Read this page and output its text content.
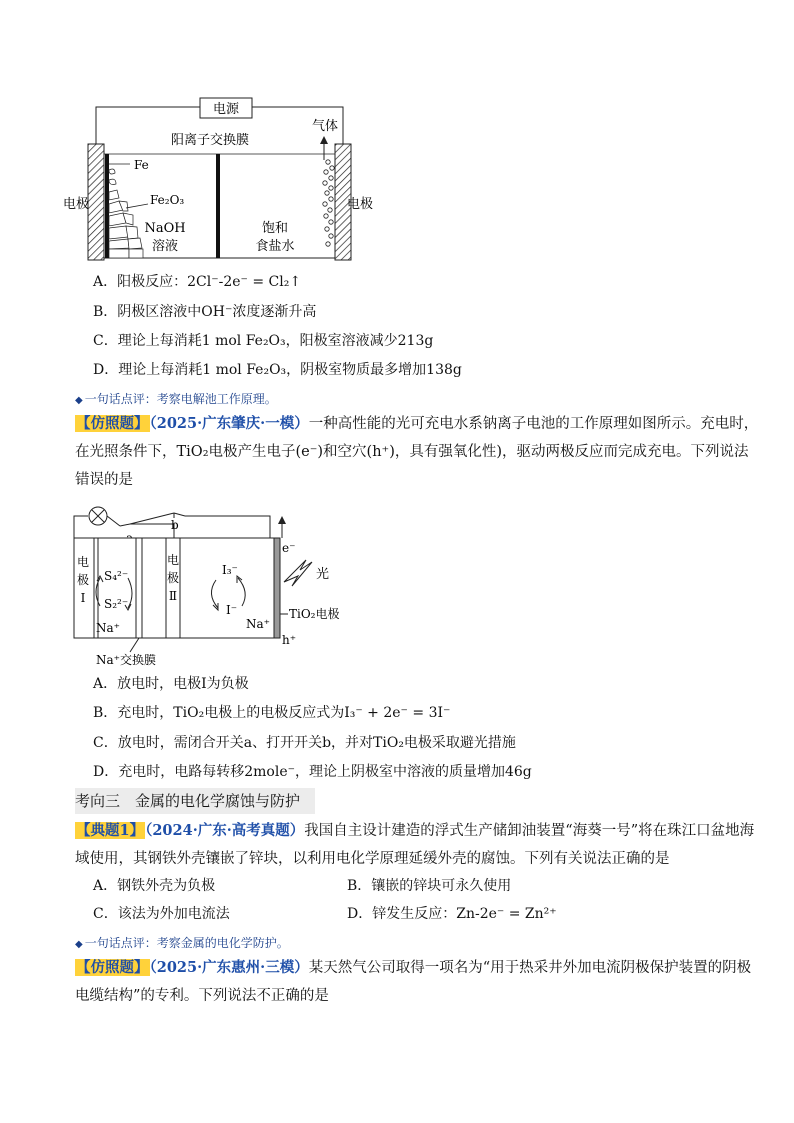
电源
阳离子交换膜
气体
Fe
Fe₂O₃
NaOH
溶液
饱和
食盐水
电极	电极
A．阳极反应：2Cl⁻-2e⁻ = Cl₂↑
B．阴极区溶液中OH⁻浓度逐渐升高
C．理论上每消耗1 mol Fe₂O₃，阳极室溶液减少213g
D．理论上每消耗1 mol Fe₂O₃，阴极室物质最多增加138g
◆ 一句话点评：考察电解池工作原理。
【仿照题】（2025·广东肇庆·一模）一种高性能的光可充电水系钠离子电池的工作原理如图所示。充电时，
在光照条件下，TiO₂电极产生电子(e⁻)和空穴(h⁺)，具有强氧化性)，驱动两极反应而完成充电。下列说法
错误的是
b
e⁻
光
电
极
Ⅰ
电
极
Ⅱ
S₄²⁻
S₂²⁻
Na⁺
I₃⁻
I⁻
Na⁺
TiO₂电极
h⁺
Na⁺交换膜
A．放电时，电极Ⅰ为负极
B．充电时，TiO₂电极上的电极反应式为I₃⁻ + 2e⁻ = 3I⁻
C．放电时，需闭合开关a、打开开关b，并对TiO₂电极采取避光措施
D．充电时，电路每转移2mole⁻，理论上阴极室中溶液的质量增加46g
考向三　金属的电化学腐蚀与防护
【典题1】（2024·广东·高考真题）我国自主设计建造的浮式生产储卸油装置“海葵一号”将在珠江口盆地海
域使用，其钢铁外壳镶嵌了锌块，以利用电化学原理延缓外壳的腐蚀。下列有关说法正确的是
A．钢铁外壳为负极	B．镶嵌的锌块可永久使用
C．该法为外加电流法	D．锌发生反应：Zn-2e⁻ = Zn²⁺
◆ 一句话点评：考察金属的电化学防护。
【仿照题】（2025·广东惠州·三模）某天然气公司取得一项名为“用于热采井外加电流阴极保护装置的阴极
电缆结构”的专利。下列说法不正确的是
